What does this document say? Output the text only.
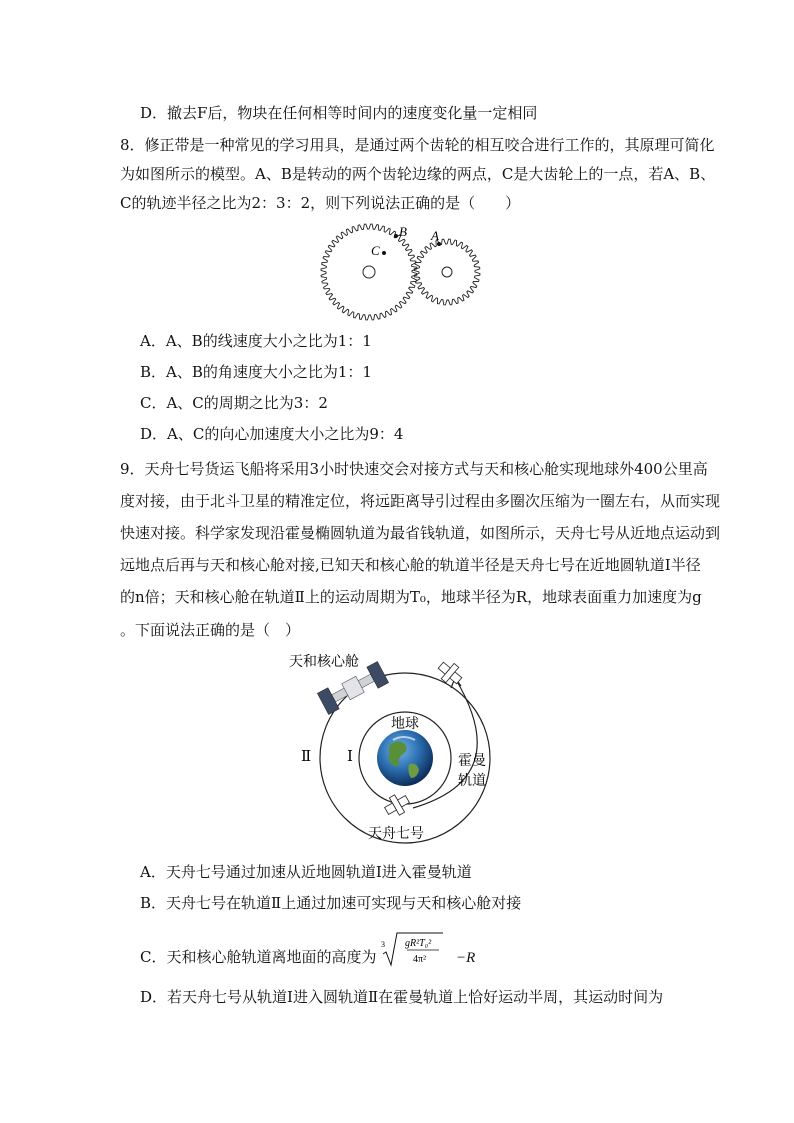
D．撤去F后，物块在任何相等时间内的速度变化量一定相同
8．修正带是一种常见的学习用具，是通过两个齿轮的相互咬合进行工作的，其原理可简化
为如图所示的模型。A、B是转动的两个齿轮边缘的两点，C是大齿轮上的一点，若A、B、
C的轨迹半径之比为2：3：2，则下列说法正确的是（　　）
C
B A
A．A、B的线速度大小之比为1：1
B．A、B的角速度大小之比为1：1
C．A、C的周期之比为3：2
D．A、C的向心加速度大小之比为9：4
9．天舟七号货运飞船将采用3小时快速交会对接方式与天和核心舱实现地球外400公里高
度对接，由于北斗卫星的精准定位，将远距离导引过程由多圈次压缩为一圈左右，从而实现
快速对接。科学家发现沿霍曼椭圆轨道为最省钱轨道，如图所示，天舟七号从近地点运动到
远地点后再与天和核心舱对接,已知天和核心舱的轨道半径是天舟七号在近地圆轨道Ⅰ半径
的n倍；天和核心舱在轨道Ⅱ上的运动周期为T₀，地球半径为R，地球表面重力加速度为g
。下面说法正确的是（　）
天和核心舱
地球
Ⅱ Ⅰ	霍曼
轨道
天舟七号
A．天舟七号通过加速从近地圆轨道Ⅰ进入霍曼轨道
B．天舟七号在轨道Ⅱ上通过加速可实现与天和核心舱对接
C．天和核心舱轨道离地面的高度为
3 gR²T₀²
4π² −R
D．若天舟七号从轨道Ⅰ进入圆轨道Ⅱ在霍曼轨道上恰好运动半周，其运动时间为
